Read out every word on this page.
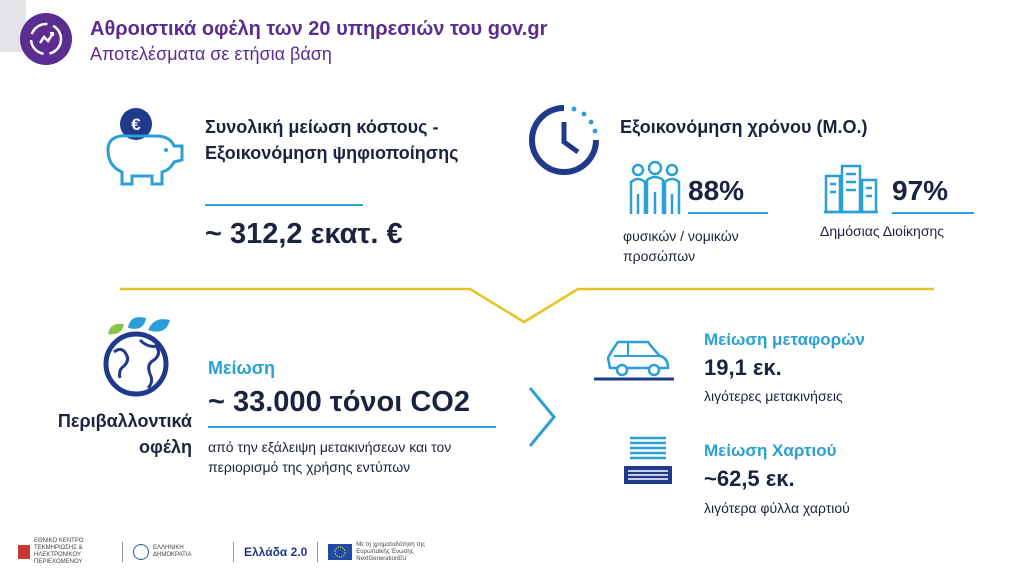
Αθροιστικά οφέλη των 20 υπηρεσιών του gov.gr
Αποτελέσματα σε ετήσια βάση
€	Συνολική μείωση κόστους - Εξοικονόμηση ψηφιοποίησης
~ 312,2 εκατ. €
Εξοικονόμηση χρόνου (Μ.Ο.)
88%
φυσικών / νομικών προσώπων
97%
Δημόσιας Διοίκησης
Περιβαλλοντικά οφέλη
Μείωση
~ 33.000 τόνοι CO2
από την εξάλειψη μετακινήσεων και τον περιορισμό της χρήσης εντύπων
Μείωση μεταφορών
19,1 εκ.
λιγότερες μετακινήσεις
Μείωση Χαρτιού
~62,5 εκ.
λιγότερα φύλλα χαρτιού
ΕΘΝΙΚΟ ΚΕΝΤΡΟ ΤΕΚΜΗΡΙΩΣΗΣ & ΗΛΕΚΤΡΟΝΙΚΟΥ ΠΕΡΙΕΧΟΜΕΝΟΥ
ΕΛΛΗΝΙΚΗ ΔΗΜΟΚΡΑΤΙΑ	Ελλάδα 2.0	Με τη χρηματοδότηση της Ευρωπαϊκής Ένωσης NextGenerationEU
